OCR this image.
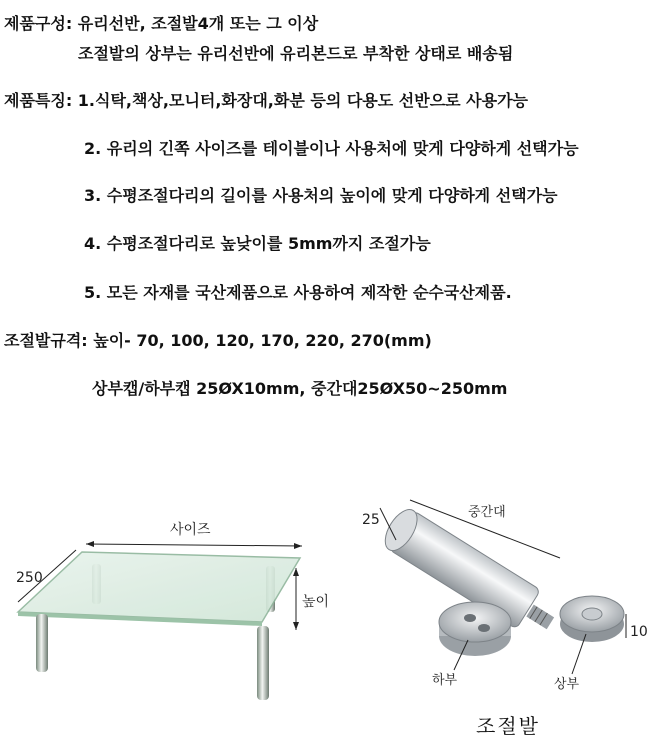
제품구성: 유리선반, 조절발4개 또는 그 이상
조절발의 상부는 유리선반에 유리본드로 부착한 상태로 배송됨
제품특징: 1.식탁,책상,모니터,화장대,화분 등의 다용도 선반으로 사용가능
2. 유리의 긴쪽 사이즈를 테이블이나 사용처에 맞게 다양하게 선택가능
3. 수평조절다리의 길이를 사용처의 높이에 맞게 다양하게 선택가능
4. 수평조절다리로 높낮이를 5mm까지 조절가능
5. 모든 자재를 국산제품으로 사용하여 제작한 순수국산제품.
조절발규격: 높이- 70, 100, 120, 170, 220, 270(mm)
상부캡/하부캡 25ØX10mm, 중간대25ØX50~250mm
사이즈
250
높이
25	중간대
10
하부	상부
조절발
